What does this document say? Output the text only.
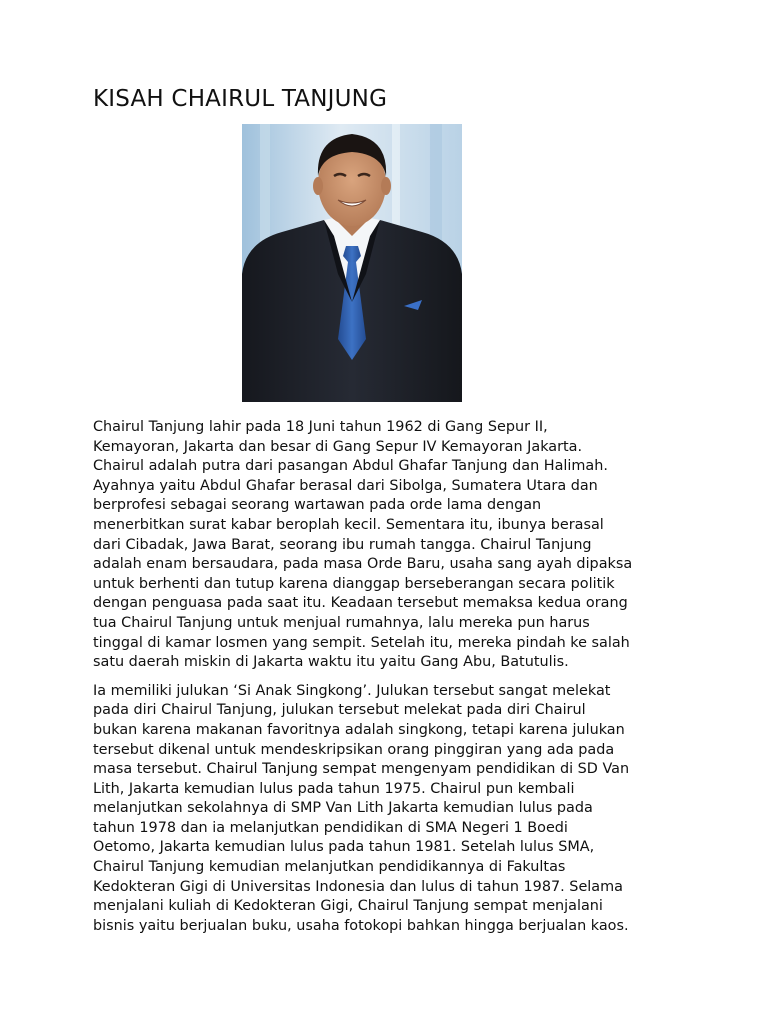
KISAH CHAIRUL TANJUNG

Chairul Tanjung lahir pada 18 Juni tahun 1962 di Gang Sepur II,
Kemayoran, Jakarta dan besar di Gang Sepur IV Kemayoran Jakarta.
Chairul adalah putra dari pasangan Abdul Ghafar Tanjung dan Halimah.
Ayahnya yaitu Abdul Ghafar berasal dari Sibolga, Sumatera Utara dan
berprofesi sebagai seorang wartawan pada orde lama dengan
menerbitkan surat kabar beroplah kecil. Sementara itu, ibunya berasal
dari Cibadak, Jawa Barat, seorang ibu rumah tangga. Chairul Tanjung
adalah enam bersaudara, pada masa Orde Baru, usaha sang ayah dipaksa
untuk berhenti dan tutup karena dianggap berseberangan secara politik
dengan penguasa pada saat itu. Keadaan tersebut memaksa kedua orang
tua Chairul Tanjung untuk menjual rumahnya, lalu mereka pun harus
tinggal di kamar losmen yang sempit. Setelah itu, mereka pindah ke salah
satu daerah miskin di Jakarta waktu itu yaitu Gang Abu, Batutulis.

Ia memiliki julukan ‘Si Anak Singkong’. Julukan tersebut sangat melekat
pada diri Chairul Tanjung, julukan tersebut melekat pada diri Chairul
bukan karena makanan favoritnya adalah singkong, tetapi karena julukan
tersebut dikenal untuk mendeskripsikan orang pinggiran yang ada pada
masa tersebut. Chairul Tanjung sempat mengenyam pendidikan di SD Van
Lith, Jakarta kemudian lulus pada tahun 1975. Chairul pun kembali
melanjutkan sekolahnya di SMP Van Lith Jakarta kemudian lulus pada
tahun 1978 dan ia melanjutkan pendidikan di SMA Negeri 1 Boedi
Oetomo, Jakarta kemudian lulus pada tahun 1981. Setelah lulus SMA,
Chairul Tanjung kemudian melanjutkan pendidikannya di Fakultas
Kedokteran Gigi di Universitas Indonesia dan lulus di tahun 1987. Selama
menjalani kuliah di Kedokteran Gigi, Chairul Tanjung sempat menjalani
bisnis yaitu berjualan buku, usaha fotokopi bahkan hingga berjualan kaos.
